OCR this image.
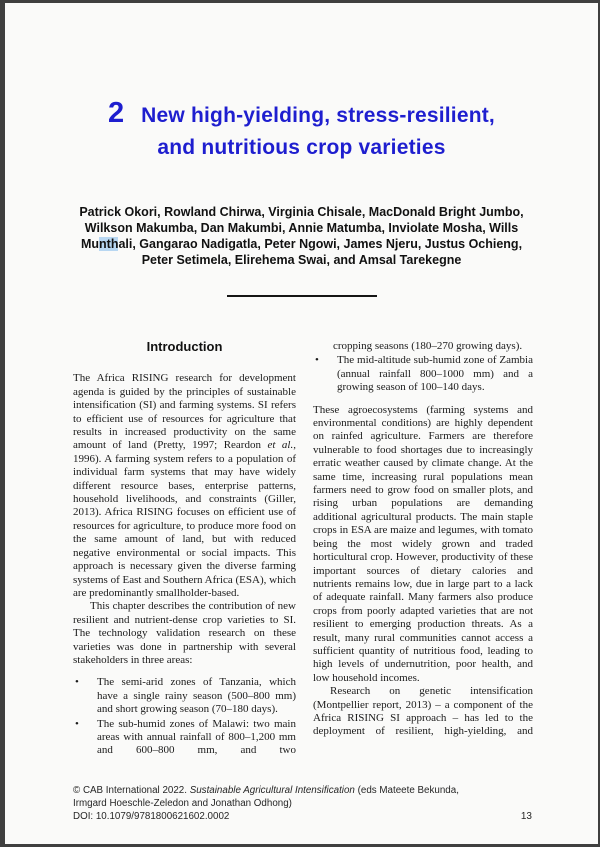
2 New high-yielding, stress-resilient,
and nutritious crop varieties
Patrick Okori, Rowland Chirwa, Virginia Chisale, MacDonald Bright Jumbo,
Wilkson Makumba, Dan Makumbi, Annie Matumba, Inviolate Mosha, Wills
Munthali, Gangarao Nadigatla, Peter Ngowi, James Njeru, Justus Ochieng,
Peter Setimela, Elirehema Swai, and Amsal Tarekegne
Introduction

The Africa RISING research for development agenda is guided by the principles of sustainable intensification (SI) and farming systems. SI refers to efficient use of resources for agriculture that results in increased productivity on the same amount of land (Pretty, 1997; Reardon et al., 1996). A farming system refers to a population of individual farm systems that may have widely different resource bases, enterprise patterns, household livelihoods, and constraints (Giller, 2013). Africa RISING focuses on efficient use of resources for agriculture, to produce more food on the same amount of land, but with reduced negative environmental or social impacts. This approach is necessary given the diverse farming systems of East and Southern Africa (ESA), which are predominantly smallholder-based.

This chapter describes the contribution of new resilient and nutrient-dense crop varieties to SI. The technology validation research on these varieties was done in partnership with several stakeholders in three areas:

• The semi-arid zones of Tanzania, which have a single rainy season (500–800 mm) and short growing season (70–180 days).
• The sub-humid zones of Malawi: two main areas with annual rainfall of 800–1,200 mm and 600–800 mm, and two
cropping seasons (180–270 growing days).
• The mid-altitude sub-humid zone of Zambia (annual rainfall 800–1000 mm) and a growing season of 100–140 days.

These agroecosystems (farming systems and environmental conditions) are highly dependent on rainfed agriculture. Farmers are therefore vulnerable to food shortages due to increasingly erratic weather caused by climate change. At the same time, increasing rural populations mean farmers need to grow food on smaller plots, and rising urban populations are demanding additional agricultural products. The main staple crops in ESA are maize and legumes, with tomato being the most widely grown and traded horticultural crop. However, productivity of these important sources of dietary calories and nutrients remains low, due in large part to a lack of adequate rainfall. Many farmers also produce crops from poorly adapted varieties that are not resilient to emerging production threats. As a result, many rural communities cannot access a sufficient quantity of nutritious food, leading to high levels of undernutrition, poor health, and low household incomes.

Research on genetic intensification (Montpellier report, 2013) – a component of the Africa RISING SI approach – has led to the deployment of resilient, high-yielding, and

© CAB International 2022. Sustainable Agricultural Intensification (eds Mateete Bekunda,
Irmgard Hoeschle-Zeledon and Jonathan Odhong)
DOI: 10.1079/9781800621602.0002	13
